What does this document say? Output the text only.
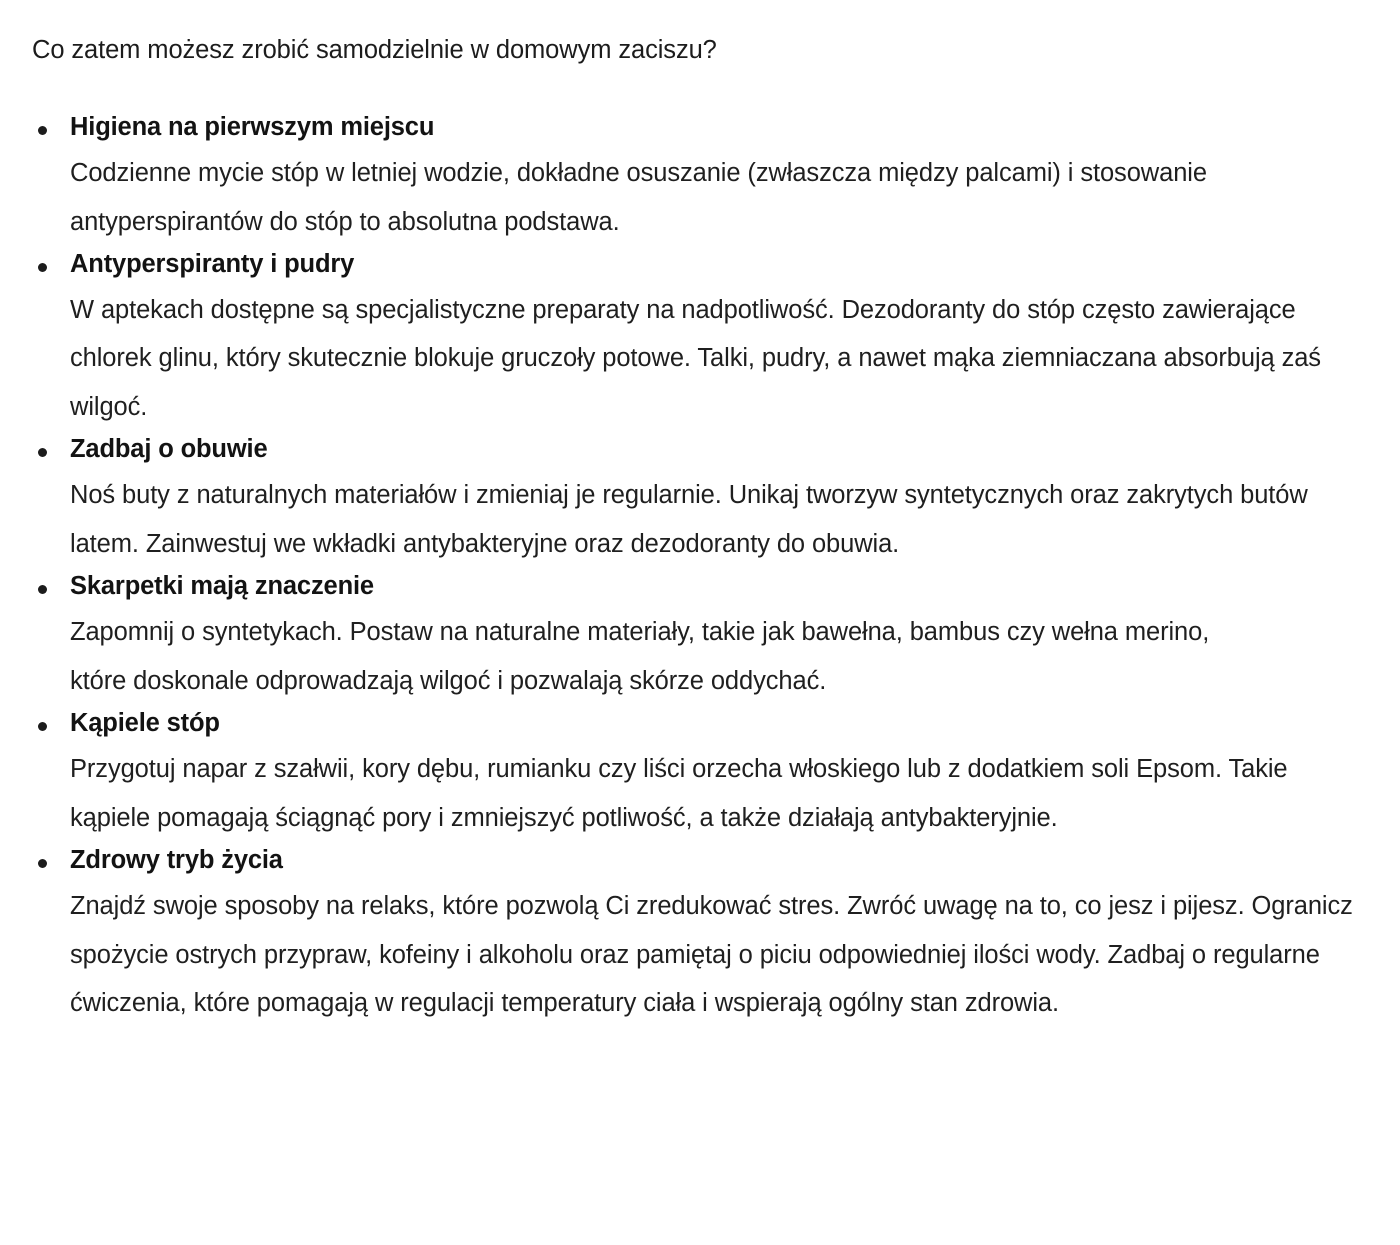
Co zatem możesz zrobić samodzielnie w domowym zaciszu?

Higiena na pierwszym miejscu
Codzienne mycie stóp w letniej wodzie, dokładne osuszanie (zwłaszcza między palcami) i stosowanie antyperspirantów do stóp to absolutna podstawa.
Antyperspiranty i pudry
W aptekach dostępne są specjalistyczne preparaty na nadpotliwość. Dezodoranty do stóp często zawierające chlorek glinu, który skutecznie blokuje gruczoły potowe. Talki, pudry, a nawet mąka ziemniaczana absorbują zaś wilgoć.
Zadbaj o obuwie
Noś buty z naturalnych materiałów i zmieniaj je regularnie. Unikaj tworzyw syntetycznych oraz zakrytych butów latem. Zainwestuj we wkładki antybakteryjne oraz dezodoranty do obuwia.
Skarpetki mają znaczenie
Zapomnij o syntetykach. Postaw na naturalne materiały, takie jak bawełna, bambus czy wełna merino, które doskonale odprowadzają wilgoć i pozwalają skórze oddychać.
Kąpiele stóp
Przygotuj napar z szałwii, kory dębu, rumianku czy liści orzecha włoskiego lub z dodatkiem soli Epsom. Takie kąpiele pomagają ściągnąć pory i zmniejszyć potliwość, a także działają antybakteryjnie.
Zdrowy tryb życia
Znajdź swoje sposoby na relaks, które pozwolą Ci zredukować stres. Zwróć uwagę na to, co jesz i pijesz. Ogranicz spożycie ostrych przypraw, kofeiny i alkoholu oraz pamiętaj o piciu odpowiedniej ilości wody. Zadbaj o regularne ćwiczenia, które pomagają w regulacji temperatury ciała i wspierają ogólny stan zdrowia.
